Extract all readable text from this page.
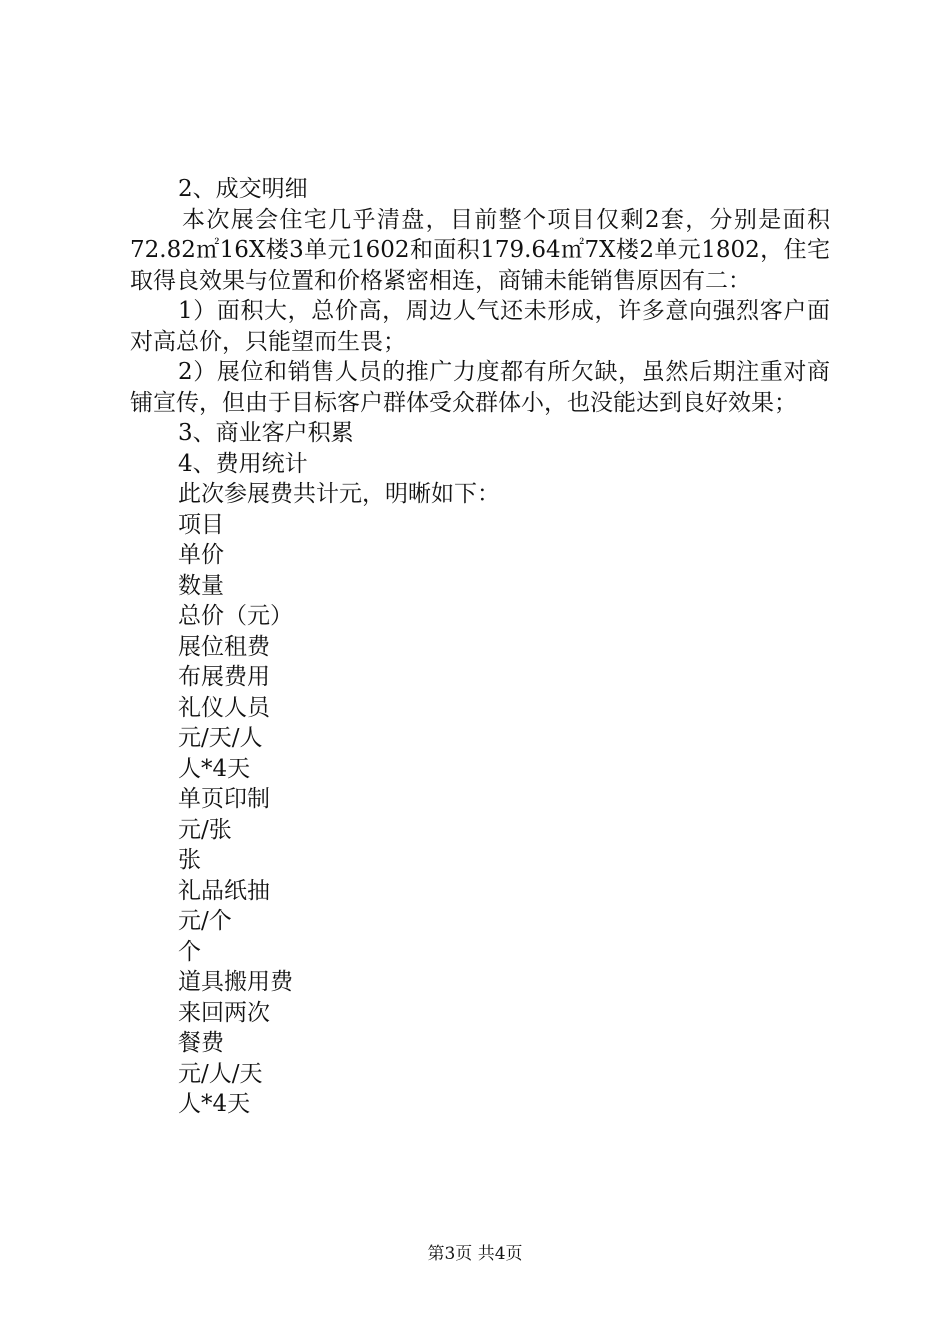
2、成交明细

本次展会住宅几乎清盘，目前整个项目仅剩2套，分别是面积72.82㎡16X楼3单元1602和面积179.64㎡7X楼2单元1802，住宅取得良效果与位置和价格紧密相连，商铺未能销售原因有二：

1）面积大，总价高，周边人气还未形成，许多意向强烈客户面对高总价，只能望而生畏；

2）展位和销售人员的推广力度都有所欠缺，虽然后期注重对商铺宣传，但由于目标客户群体受众群体小，也没能达到良好效果；

3、商业客户积累

4、费用统计

此次参展费共计元，明晰如下：

项目

单价

数量

总价（元）

展位租费

布展费用

礼仪人员

元/天/人

人*4天

单页印制

元/张

张

礼品纸抽

元/个

个

道具搬用费

来回两次

餐费

元/人/天

人*4天

第3页 共4页
